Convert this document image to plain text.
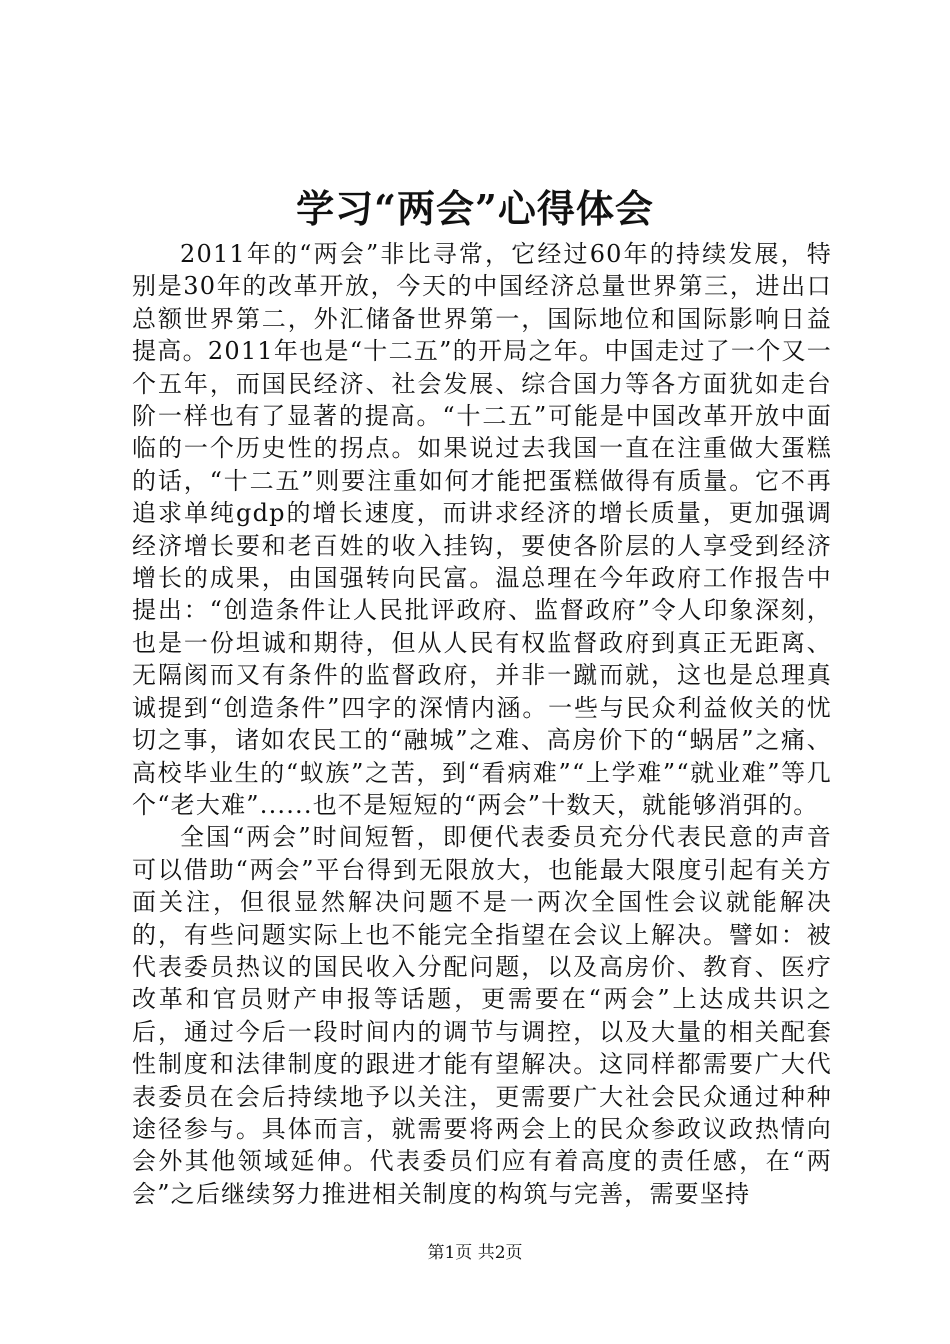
学习“两会”心得体会

2011年的“两会”非比寻常，它经过60年的持续发展，特别是30年的改革开放，今天的中国经济总量世界第三，进出口总额世界第二，外汇储备世界第一，国际地位和国际影响日益提高。2011年也是“十二五”的开局之年。中国走过了一个又一个五年，而国民经济、社会发展、综合国力等各方面犹如走台阶一样也有了显著的提高。“十二五”可能是中国改革开放中面临的一个历史性的拐点。如果说过去我国一直在注重做大蛋糕的话，“十二五”则要注重如何才能把蛋糕做得有质量。它不再追求单纯gdp的增长速度，而讲求经济的增长质量，更加强调经济增长要和老百姓的收入挂钩，要使各阶层的人享受到经济增长的成果，由国强转向民富。温总理在今年政府工作报告中提出：“创造条件让人民批评政府、监督政府”令人印象深刻，也是一份坦诚和期待，但从人民有权监督政府到真正无距离、无隔阂而又有条件的监督政府，并非一蹴而就，这也是总理真诚提到“创造条件”四字的深情内涵。一些与民众利益攸关的忧切之事，诸如农民工的“融城”之难、高房价下的“蜗居”之痛、高校毕业生的“蚁族”之苦，到“看病难”“上学难”“就业难”等几个“老大难”......也不是短短的“两会”十数天，就能够消弭的。

全国“两会”时间短暂，即便代表委员充分代表民意的声音可以借助“两会”平台得到无限放大，也能最大限度引起有关方面关注，但很显然解决问题不是一两次全国性会议就能解决的，有些问题实际上也不能完全指望在会议上解决。譬如：被代表委员热议的国民收入分配问题，以及高房价、教育、医疗改革和官员财产申报等话题，更需要在“两会”上达成共识之后，通过今后一段时间内的调节与调控，以及大量的相关配套性制度和法律制度的跟进才能有望解决。这同样都需要广大代表委员在会后持续地予以关注，更需要广大社会民众通过种种途径参与。具体而言，就需要将两会上的民众参政议政热情向会外其他领域延伸。代表委员们应有着高度的责任感，在“两会”之后继续努力推进相关制度的构筑与完善，需要坚持

第1页 共2页
